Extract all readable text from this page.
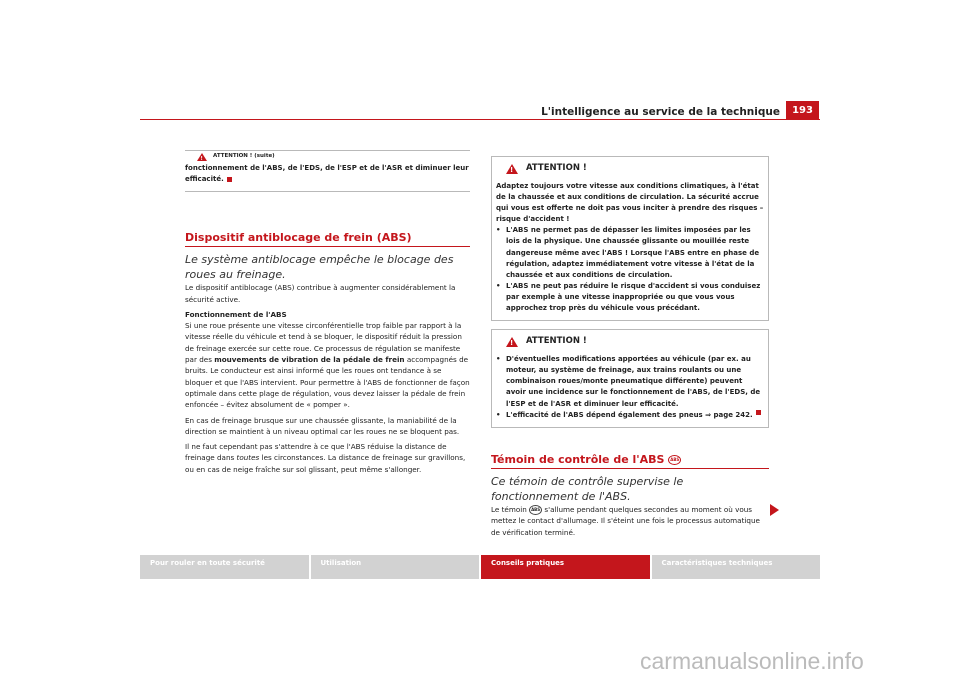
L'intelligence au service de la technique	193
!
ATTENTION ! (suite)
fonctionnement de l'ABS, de l'EDS, de l'ESP et de l'ASR et diminuer leur efficacité.

Dispositif antiblocage de frein (ABS)

Le système antiblocage empêche le blocage des roues au freinage.

Le dispositif antiblocage (ABS) contribue à augmenter considérablement la sécurité active.

Fonctionnement de l'ABS

Si une roue présente une vitesse circonférentielle trop faible par rapport à la vitesse réelle du véhicule et tend à se bloquer, le dispositif réduit la pression de freinage exercée sur cette roue. Ce processus de régulation se manifeste par des mouvements de vibration de la pédale de frein accompagnés de bruits. Le conducteur est ainsi informé que les roues ont tendance à se bloquer et que l'ABS intervient. Pour permettre à l'ABS de fonctionner de façon optimale dans cette plage de régulation, vous devez laisser la pédale de frein enfoncée – évitez absolument de « pomper ».

En cas de freinage brusque sur une chaussée glissante, la maniabilité de la direction se maintient à un niveau optimal car les roues ne se bloquent pas.

Il ne faut cependant pas s'attendre à ce que l'ABS réduise la distance de freinage dans toutes les circonstances. La distance de freinage sur gravillons, ou en cas de neige fraîche sur sol glissant, peut même s'allonger.

!
ATTENTION !

Adaptez toujours votre vitesse aux conditions climatiques, à l'état de la chaussée et aux conditions de circulation. La sécurité accrue qui vous est offerte ne doit pas vous inciter à prendre des risques – risque d'accident !

• L'ABS ne permet pas de dépasser les limites imposées par les lois de la physique. Une chaussée glissante ou mouillée reste dangereuse même avec l'ABS ! Lorsque l'ABS entre en phase de régulation, adaptez immédiatement votre vitesse à l'état de la chaussée et aux conditions de circulation.
• L'ABS ne peut pas réduire le risque d'accident si vous conduisez par exemple à une vitesse inappropriée ou que vous vous approchez trop près du véhicule vous précédant.
!
ATTENTION !
• D'éventuelles modifications apportées au véhicule (par ex. au moteur, au système de freinage, aux trains roulants ou une combinaison roues/monte pneumatique différente) peuvent avoir une incidence sur le fonctionnement de l'ABS, de l'EDS, de l'ESP et de l'ASR et diminuer leur efficacité.
• L'efficacité de l'ABS dépend également des pneus ⇒ page 242.

Témoin de contrôle de l'ABS ABS

Ce témoin de contrôle supervise le fonctionnement de l'ABS.

Le témoin ABS s'allume pendant quelques secondes au moment où vous mettez le contact d'allumage. Il s'éteint une fois le processus automatique de vérification terminé.

Pour rouler en toute sécurité	Utilisation	Conseils pratiques	Caractéristiques techniques
carmanualsonline.info
